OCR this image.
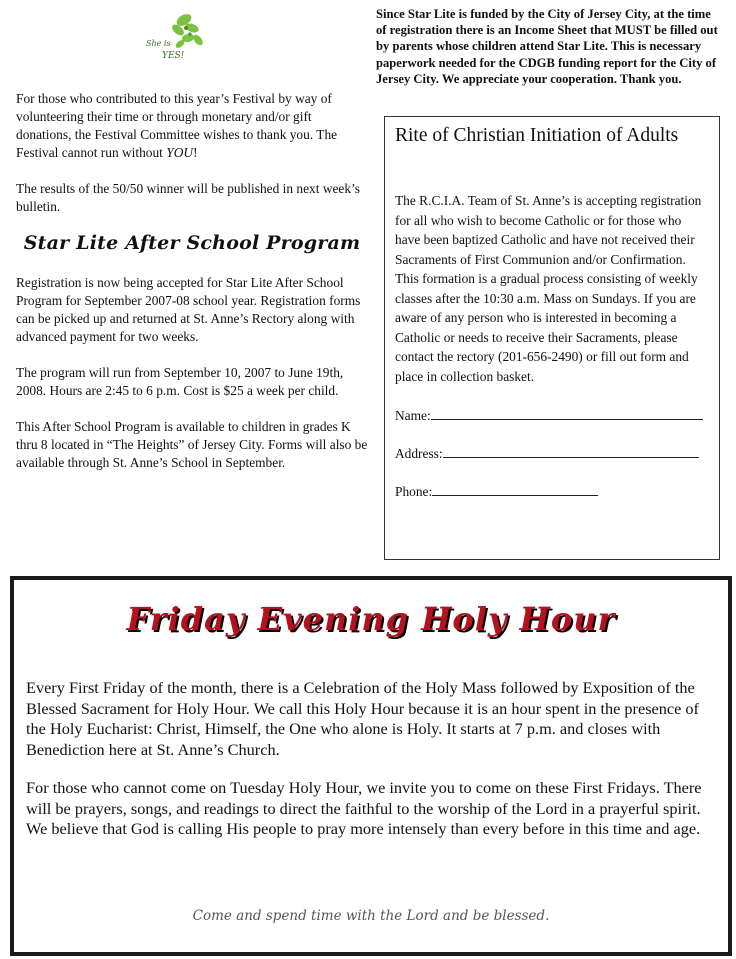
She is
YES!

For those who contributed to this year’s Festival by way of volunteering their time or through monetary and/or gift donations, the Festival Committee wishes to thank you. The Festival cannot run without YOU!

The results of the 50/50 winner will be published in next week’s bulletin.

Star Lite After School Program

Registration is now being accepted for Star Lite After School Program for September 2007-08 school year. Registration forms can be picked up and returned at St. Anne’s Rectory along with advanced payment for two weeks.

The program will run from September 10, 2007 to June 19th, 2008. Hours are 2:45 to 6 p.m. Cost is $25 a week per child.

This After School Program is available to children in grades K thru 8 located in “The Heights” of Jersey City. Forms will also be available through St. Anne’s School in September.

Since Star Lite is funded by the City of Jersey City, at the time of registration there is an Income Sheet that MUST be filled out by parents whose children attend Star Lite. This is necessary paperwork needed for the CDGB funding report for the City of Jersey City. We appreciate your cooperation. Thank you.
Rite of Christian Initiation of Adults

The R.C.I.A. Team of St. Anne’s is accepting registration for all who wish to become Catholic or for those who have been baptized Catholic and have not received their Sacraments of First Communion and/or Confirmation.

This formation is a gradual process consisting of weekly classes after the 10:30 a.m. Mass on Sundays. If you are aware of any person who is interested in becoming a Catholic or needs to receive their Sacraments, please contact the rectory (201-656-2490) or fill out form and place in collection basket.

Name:
Address:
Phone:
Friday Evening Holy Hour

Every First Friday of the month, there is a Celebration of the Holy Mass followed by Exposition of the Blessed Sacrament for Holy Hour. We call this Holy Hour because it is an hour spent in the presence of the Holy Eucharist: Christ, Himself, the One who alone is Holy. It starts at 7 p.m. and closes with Benediction here at St. Anne’s Church.

For those who cannot come on Tuesday Holy Hour, we invite you to come on these First Fridays. There will be prayers, songs, and readings to direct the faithful to the worship of the Lord in a prayerful spirit. We believe that God is calling His people to pray more intensely than every before in this time and age.

Come and spend time with the Lord and be blessed.
